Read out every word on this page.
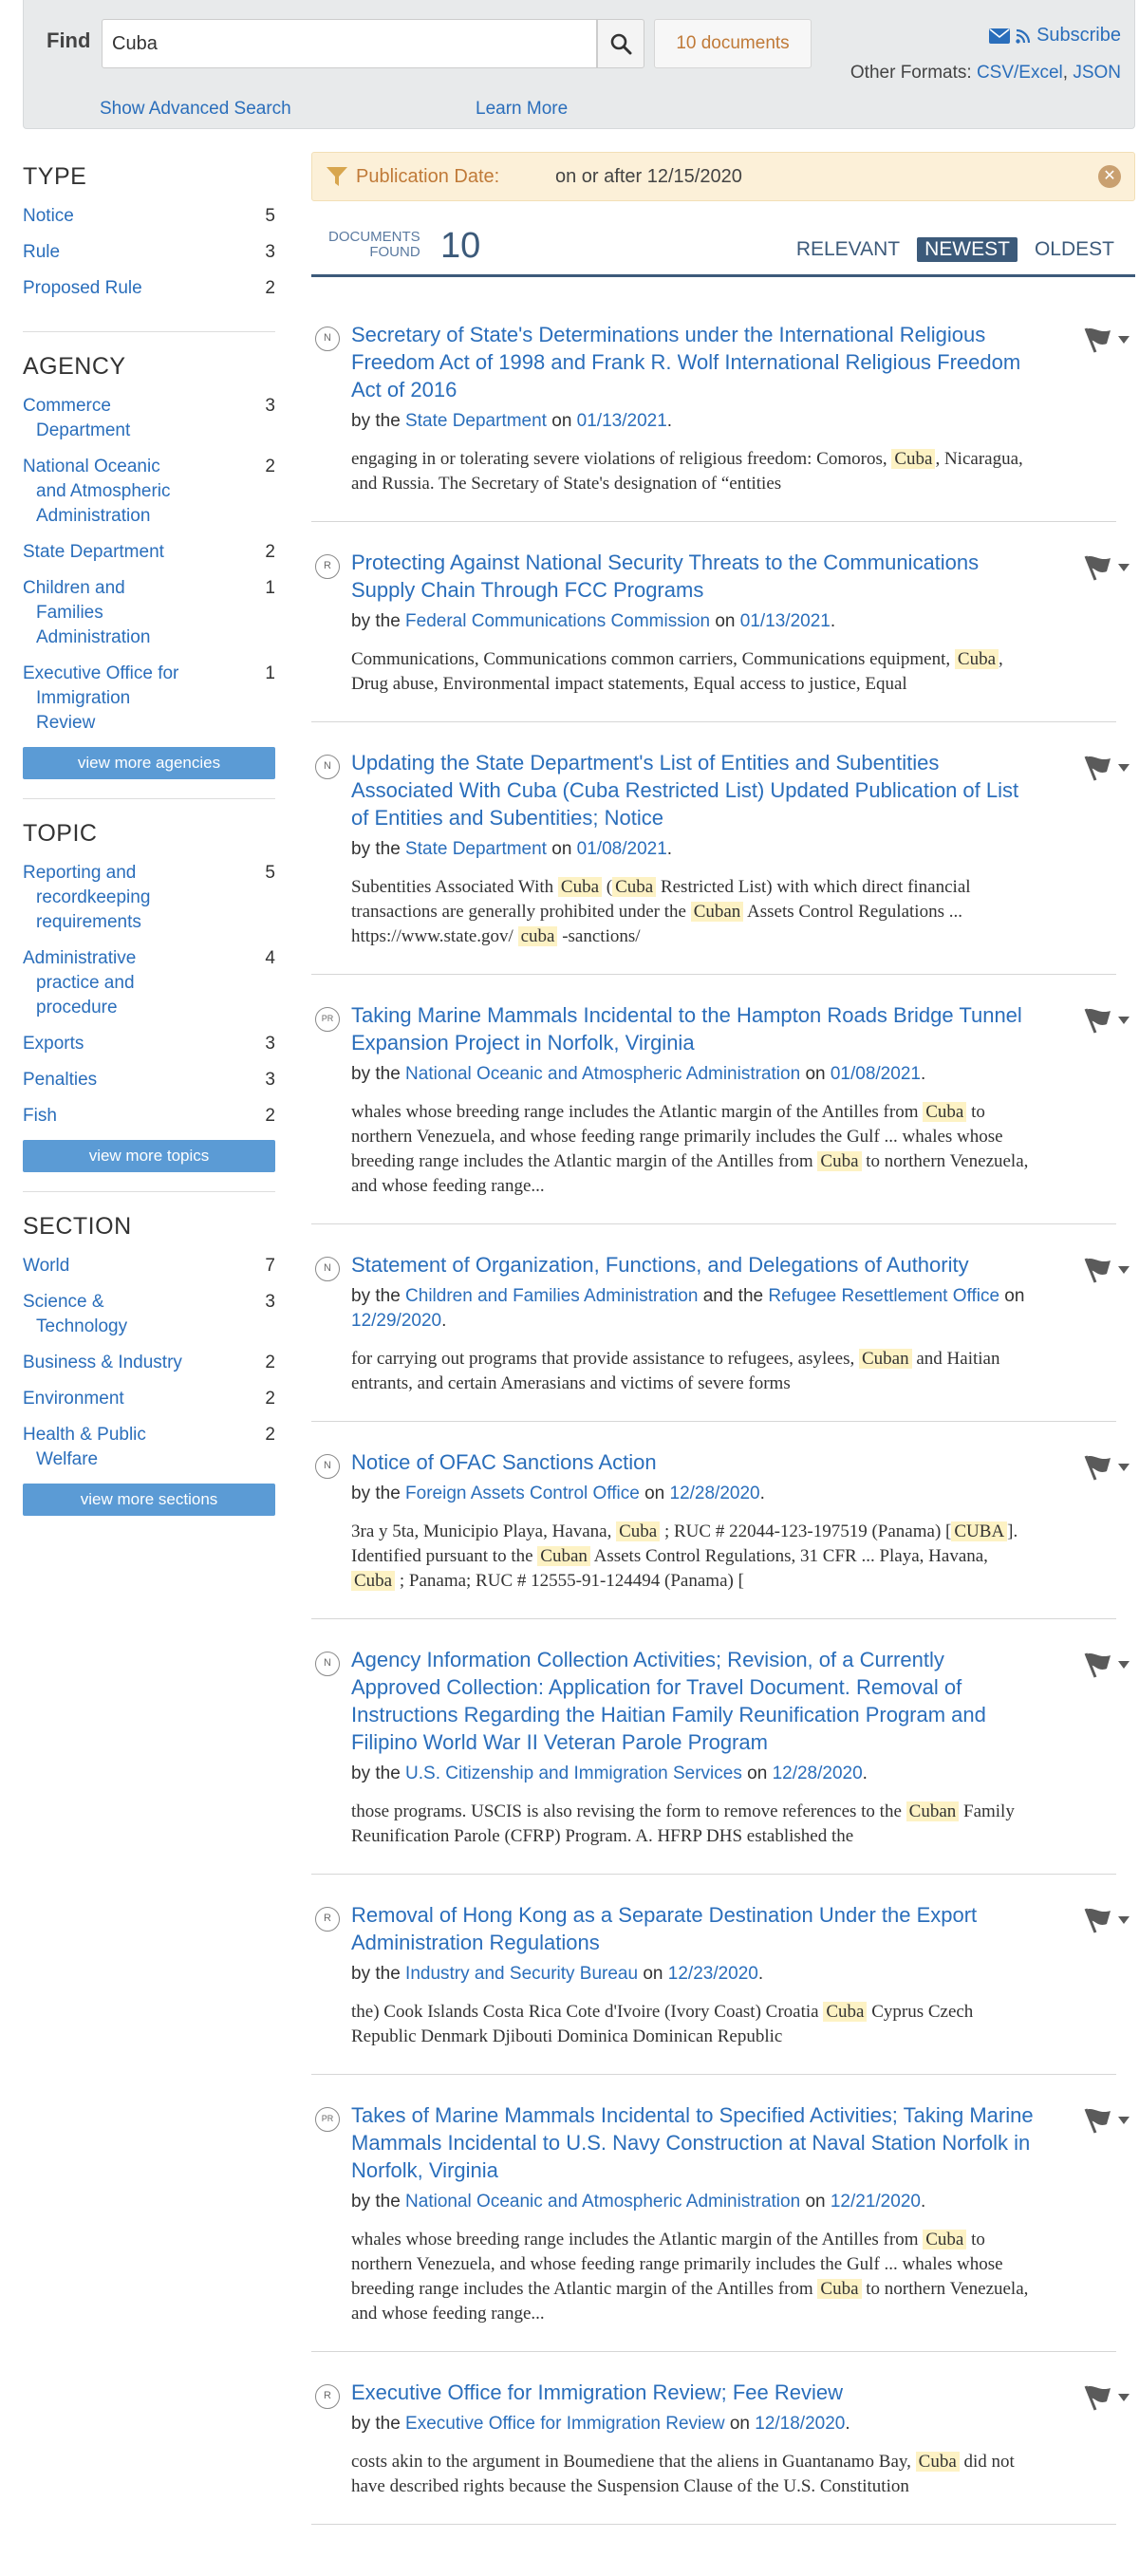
Find
Cuba	10 documents	Subscribe
Other Formats: CSV/Excel, JSON
Show Advanced Search	Learn More
TYPE
Notice	5
Rule	3
Proposed Rule	2
AGENCY
Commerce
Department
3
National Oceanic
and Atmospheric
Administration
2
State Department	2
Children and
Families
Administration
1
Executive Office for
Immigration
Review
1
view more agencies
TOPIC
Reporting and
recordkeeping
requirements
5
Administrative
practice and
procedure
4
Exports	3
Penalties	3
Fish	2
view more topics
SECTION
World	7
Science &
Technology
3
Business & Industry	2
Environment	2
Health & Public
Welfare
2
view more sections
Publication Date:	on or after 12/15/2020	✕
DOCUMENTS
FOUND 10	RELEVANT	NEWEST	OLDEST
N Secretary of State's Determinations under the International Religious Freedom Act of 1998 and Frank R. Wolf International Religious Freedom Act of 2016
by the State Department on 01/13/2021.
engaging in or tolerating severe violations of religious freedom: Comoros, Cuba , Nicaragua, and Russia. The Secretary of State's designation of “entities
R Protecting Against National Security Threats to the Communications Supply Chain Through FCC Programs
by the Federal Communications Commission on 01/13/2021.
Communications, Communications common carriers, Communications equipment, Cuba , Drug abuse, Environmental impact statements, Equal access to justice, Equal
N Updating the State Department's List of Entities and Subentities Associated With Cuba (Cuba Restricted List) Updated Publication of List of Entities and Subentities; Notice
by the State Department on 01/08/2021.
Subentities Associated With Cuba ( Cuba Restricted List) with which direct financial transactions are generally prohibited under the Cuban Assets Control Regulations ... https://www.state.gov/ cuba -sanctions/
PR Taking Marine Mammals Incidental to the Hampton Roads Bridge Tunnel Expansion Project in Norfolk, Virginia
by the National Oceanic and Atmospheric Administration on 01/08/2021.
whales whose breeding range includes the Atlantic margin of the Antilles from Cuba to northern Venezuela, and whose feeding range primarily includes the Gulf ... whales whose breeding range includes the Atlantic margin of the Antilles from Cuba to northern Venezuela, and whose feeding range...
N Statement of Organization, Functions, and Delegations of Authority
by the Children and Families Administration and the Refugee Resettlement Office on 12/29/2020.
for carrying out programs that provide assistance to refugees, asylees, Cuban and Haitian entrants, and certain Amerasians and victims of severe forms
N Notice of OFAC Sanctions Action
by the Foreign Assets Control Office on 12/28/2020.
3ra y 5ta, Municipio Playa, Havana, Cuba ; RUC # 22044-123-197519 (Panama) [ CUBA ]. Identified pursuant to the Cuban Assets Control Regulations, 31 CFR ... Playa, Havana, Cuba ; Panama; RUC # 12555-91-124494 (Panama) [
N Agency Information Collection Activities; Revision, of a Currently Approved Collection: Application for Travel Document. Removal of Instructions Regarding the Haitian Family Reunification Program and Filipino World War II Veteran Parole Program
by the U.S. Citizenship and Immigration Services on 12/28/2020.
those programs. USCIS is also revising the form to remove references to the Cuban Family Reunification Parole (CFRP) Program. A. HFRP DHS established the
R Removal of Hong Kong as a Separate Destination Under the Export Administration Regulations
by the Industry and Security Bureau on 12/23/2020.
the) Cook Islands Costa Rica Cote d'Ivoire (Ivory Coast) Croatia Cuba Cyprus Czech Republic Denmark Djibouti Dominica Dominican Republic
PR Takes of Marine Mammals Incidental to Specified Activities; Taking Marine Mammals Incidental to U.S. Navy Construction at Naval Station Norfolk in Norfolk, Virginia
by the National Oceanic and Atmospheric Administration on 12/21/2020.
whales whose breeding range includes the Atlantic margin of the Antilles from Cuba to northern Venezuela, and whose feeding range primarily includes the Gulf ... whales whose breeding range includes the Atlantic margin of the Antilles from Cuba to northern Venezuela, and whose feeding range...
R Executive Office for Immigration Review; Fee Review
by the Executive Office for Immigration Review on 12/18/2020.
costs akin to the argument in Boumediene that the aliens in Guantanamo Bay, Cuba did not have described rights because the Suspension Clause of the U.S. Constitution
